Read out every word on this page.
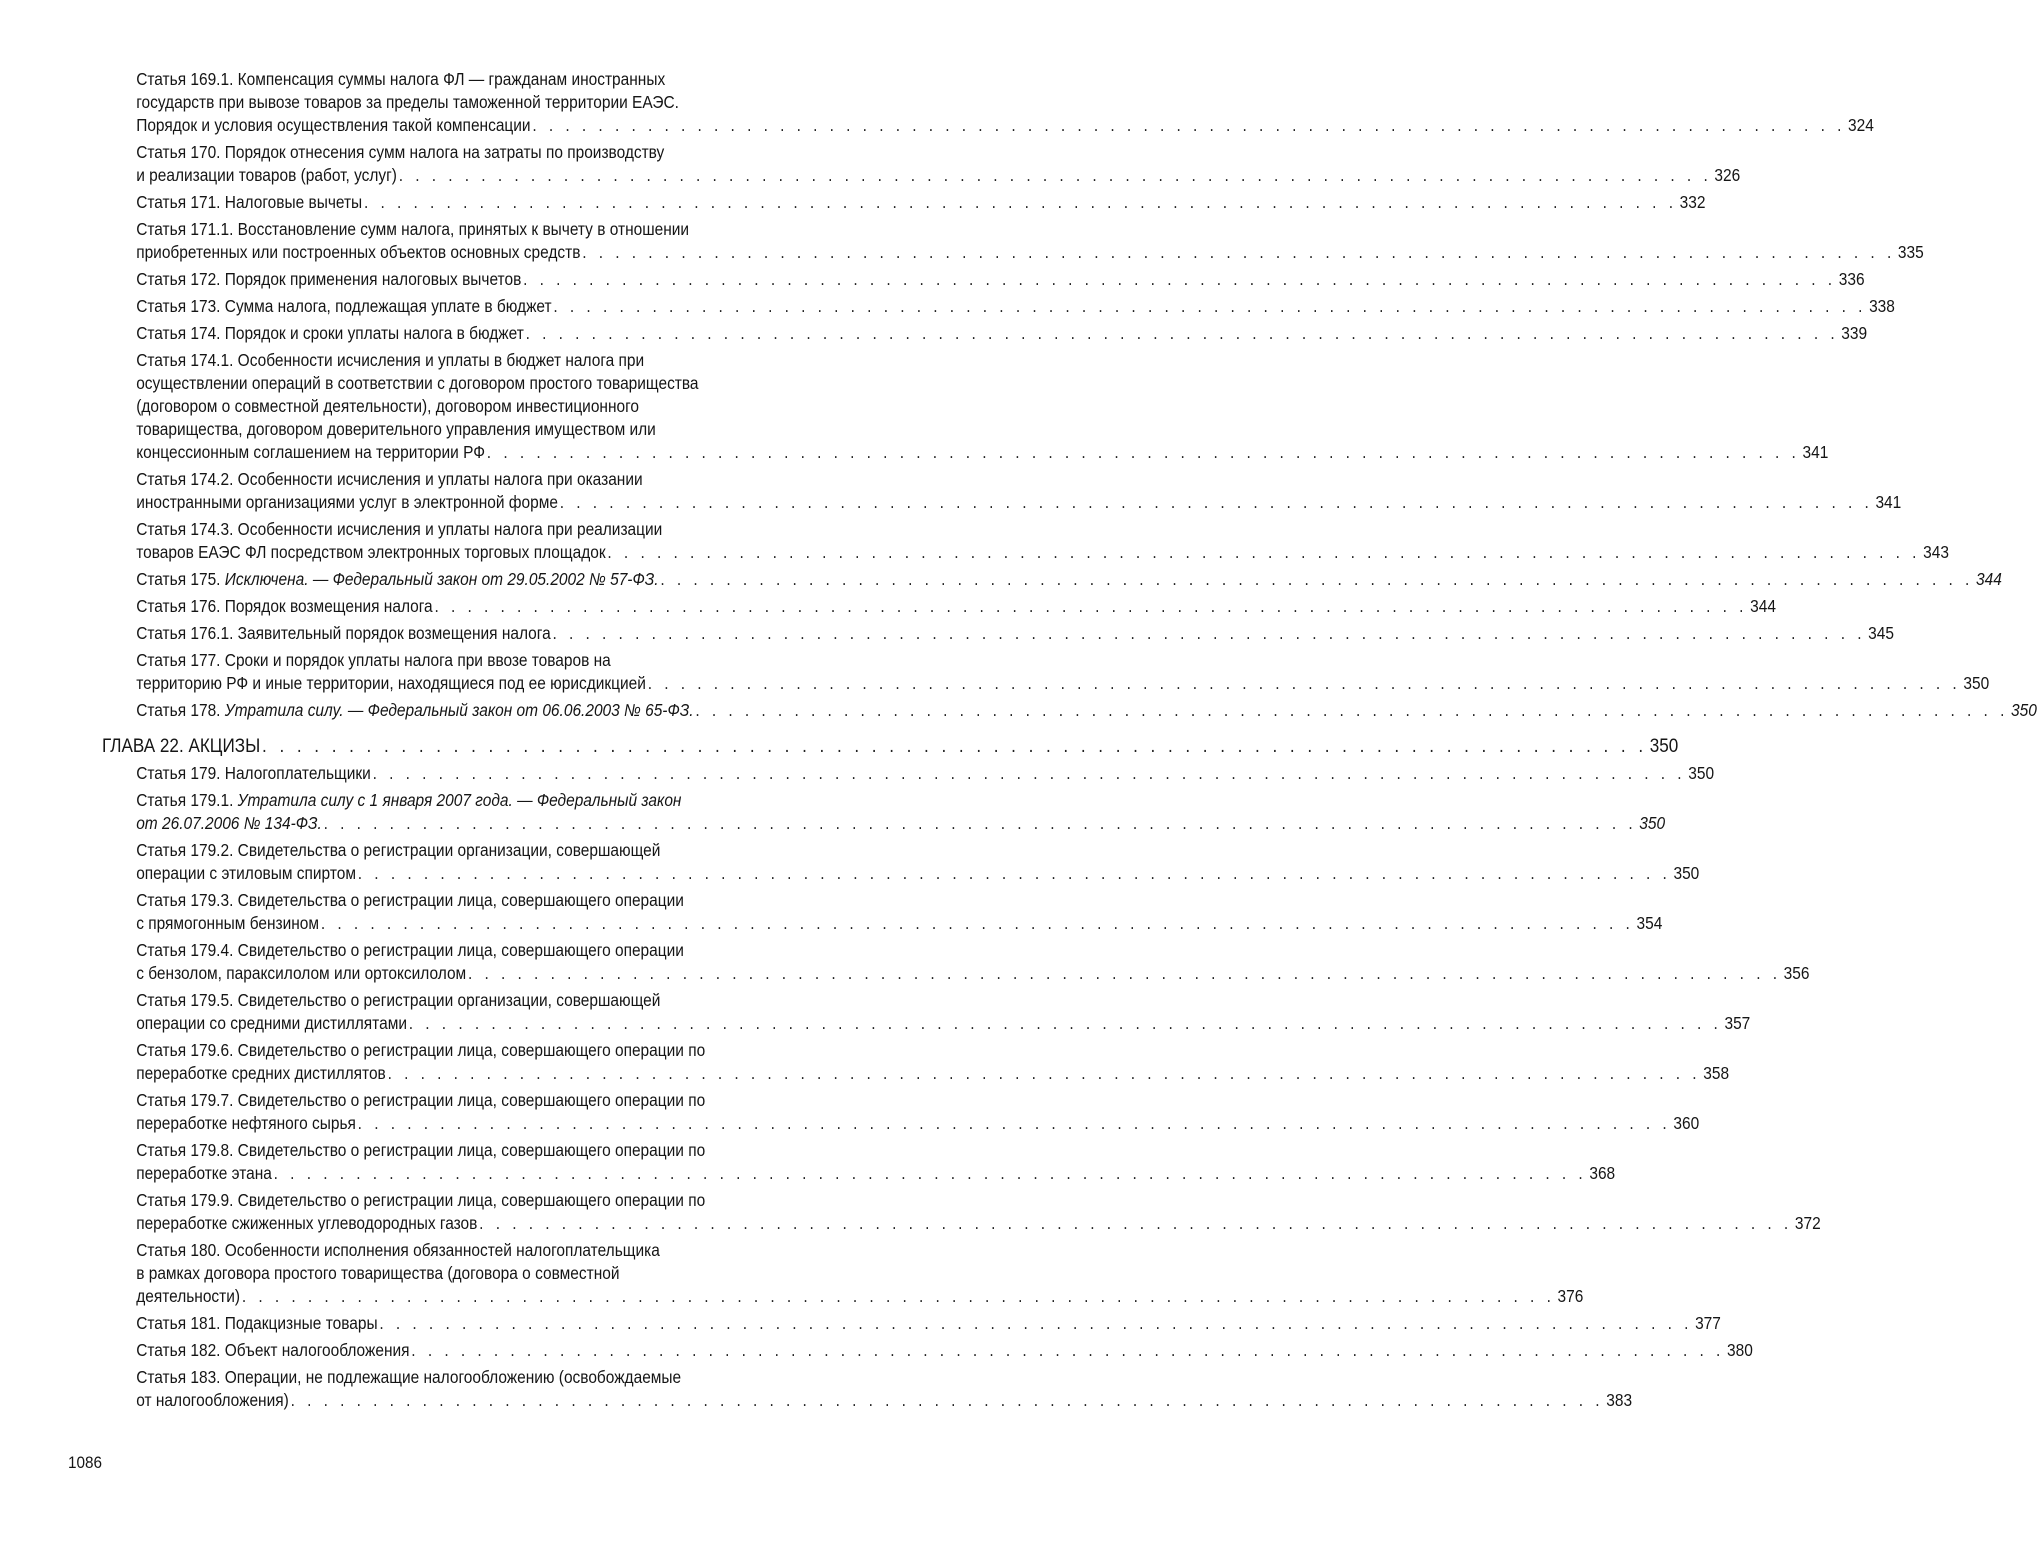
Статья 169.1. Компенсация суммы налога ФЛ — гражданам иностранных
государств при вывозе товаров за пределы таможенной территории ЕАЭС.
Порядок и условия осуществления такой компенсации . . . . . . . . . . . . . . . . . . . . . . . . . . . . . . . . . . . . . . . . . . . . . . . . . . . . . . . . . . . . . . . . . . . . . . . . . . . . . . . . 324
Статья 170. Порядок отнесения сумм налога на затраты по производству
и реализации товаров (работ, услуг) . . . . . . . . . . . . . . . . . . . . . . . . . . . . . . . . . . . . . . . . . . . . . . . . . . . . . . . . . . . . . . . . . . . . . . . . . . . . . . . . 326
Статья 171. Налоговые вычеты . . . . . . . . . . . . . . . . . . . . . . . . . . . . . . . . . . . . . . . . . . . . . . . . . . . . . . . . . . . . . . . . . . . . . . . . . . . . . . . . 332
Статья 171.1. Восстановление сумм налога, принятых к вычету в отношении
приобретенных или построенных объектов основных средств . . . . . . . . . . . . . . . . . . . . . . . . . . . . . . . . . . . . . . . . . . . . . . . . . . . . . . . . . . . . . . . . . . . . . . . . . . . . . . . . 335
Статья 172. Порядок применения налоговых вычетов . . . . . . . . . . . . . . . . . . . . . . . . . . . . . . . . . . . . . . . . . . . . . . . . . . . . . . . . . . . . . . . . . . . . . . . . . . . . . . . . 336
Статья 173. Сумма налога, подлежащая уплате в бюджет . . . . . . . . . . . . . . . . . . . . . . . . . . . . . . . . . . . . . . . . . . . . . . . . . . . . . . . . . . . . . . . . . . . . . . . . . . . . . . . . 338
Статья 174. Порядок и сроки уплаты налога в бюджет . . . . . . . . . . . . . . . . . . . . . . . . . . . . . . . . . . . . . . . . . . . . . . . . . . . . . . . . . . . . . . . . . . . . . . . . . . . . . . . . 339
Статья 174.1. Особенности исчисления и уплаты в бюджет налога при
осуществлении операций в соответствии с договором простого товарищества
(договором о совместной деятельности), договором инвестиционного
товарищества, договором доверительного управления имуществом или
концессионным соглашением на территории РФ . . . . . . . . . . . . . . . . . . . . . . . . . . . . . . . . . . . . . . . . . . . . . . . . . . . . . . . . . . . . . . . . . . . . . . . . . . . . . . . . 341
Статья 174.2. Особенности исчисления и уплаты налога при оказании
иностранными организациями услуг в электронной форме . . . . . . . . . . . . . . . . . . . . . . . . . . . . . . . . . . . . . . . . . . . . . . . . . . . . . . . . . . . . . . . . . . . . . . . . . . . . . . . . 341
Статья 174.3. Особенности исчисления и уплаты налога при реализации
товаров ЕАЭС ФЛ посредством электронных торговых площадок . . . . . . . . . . . . . . . . . . . . . . . . . . . . . . . . . . . . . . . . . . . . . . . . . . . . . . . . . . . . . . . . . . . . . . . . . . . . . . . . 343
Статья 175. Исключена. — Федеральный закон от 29.05.2002 № 57-ФЗ. . . . . . . . . . . . . . . . . . . . . . . . . . . . . . . . . . . . . . . . . . . . . . . . . . . . . . . . . . . . . . . . . . . . . . . . . . . . . . . . . 344
Статья 176. Порядок возмещения налога . . . . . . . . . . . . . . . . . . . . . . . . . . . . . . . . . . . . . . . . . . . . . . . . . . . . . . . . . . . . . . . . . . . . . . . . . . . . . . . . 344
Статья 176.1. Заявительный порядок возмещения налога . . . . . . . . . . . . . . . . . . . . . . . . . . . . . . . . . . . . . . . . . . . . . . . . . . . . . . . . . . . . . . . . . . . . . . . . . . . . . . . . 345
Статья 177. Сроки и порядок уплаты налога при ввозе товаров на
территорию РФ и иные территории, находящиеся под ее юрисдикцией . . . . . . . . . . . . . . . . . . . . . . . . . . . . . . . . . . . . . . . . . . . . . . . . . . . . . . . . . . . . . . . . . . . . . . . . . . . . . . . . 350
Статья 178. Утратила силу. — Федеральный закон от 06.06.2003 № 65-ФЗ. . . . . . . . . . . . . . . . . . . . . . . . . . . . . . . . . . . . . . . . . . . . . . . . . . . . . . . . . . . . . . . . . . . . . . . . . . . . . . . . . 350
ГЛАВА 22. АКЦИЗЫ . . . . . . . . . . . . . . . . . . . . . . . . . . . . . . . . . . . . . . . . . . . . . . . . . . . . . . . . . . . . . . . . . . . . . . . . . . . . . . . . 350
Статья 179. Налогоплательщики . . . . . . . . . . . . . . . . . . . . . . . . . . . . . . . . . . . . . . . . . . . . . . . . . . . . . . . . . . . . . . . . . . . . . . . . . . . . . . . . 350
Статья 179.1. Утратила силу с 1 января 2007 года. — Федеральный закон
от 26.07.2006 № 134-ФЗ. . . . . . . . . . . . . . . . . . . . . . . . . . . . . . . . . . . . . . . . . . . . . . . . . . . . . . . . . . . . . . . . . . . . . . . . . . . . . . . . . 350
Статья 179.2. Свидетельства о регистрации организации, совершающей
операции с этиловым спиртом . . . . . . . . . . . . . . . . . . . . . . . . . . . . . . . . . . . . . . . . . . . . . . . . . . . . . . . . . . . . . . . . . . . . . . . . . . . . . . . . 350
Статья 179.3. Свидетельства о регистрации лица, совершающего операции
с прямогонным бензином . . . . . . . . . . . . . . . . . . . . . . . . . . . . . . . . . . . . . . . . . . . . . . . . . . . . . . . . . . . . . . . . . . . . . . . . . . . . . . . . 354
Статья 179.4. Свидетельство о регистрации лица, совершающего операции
с бензолом, параксилолом или ортоксилолом . . . . . . . . . . . . . . . . . . . . . . . . . . . . . . . . . . . . . . . . . . . . . . . . . . . . . . . . . . . . . . . . . . . . . . . . . . . . . . . . 356
Статья 179.5. Свидетельство о регистрации организации, совершающей
операции со средними дистиллятами . . . . . . . . . . . . . . . . . . . . . . . . . . . . . . . . . . . . . . . . . . . . . . . . . . . . . . . . . . . . . . . . . . . . . . . . . . . . . . . . 357
Статья 179.6. Свидетельство о регистрации лица, совершающего операции по
переработке средних дистиллятов . . . . . . . . . . . . . . . . . . . . . . . . . . . . . . . . . . . . . . . . . . . . . . . . . . . . . . . . . . . . . . . . . . . . . . . . . . . . . . . . 358
Статья 179.7. Свидетельство о регистрации лица, совершающего операции по
переработке нефтяного сырья . . . . . . . . . . . . . . . . . . . . . . . . . . . . . . . . . . . . . . . . . . . . . . . . . . . . . . . . . . . . . . . . . . . . . . . . . . . . . . . . 360
Статья 179.8. Свидетельство о регистрации лица, совершающего операции по
переработке этана . . . . . . . . . . . . . . . . . . . . . . . . . . . . . . . . . . . . . . . . . . . . . . . . . . . . . . . . . . . . . . . . . . . . . . . . . . . . . . . . 368
Статья 179.9. Свидетельство о регистрации лица, совершающего операции по
переработке сжиженных углеводородных газов . . . . . . . . . . . . . . . . . . . . . . . . . . . . . . . . . . . . . . . . . . . . . . . . . . . . . . . . . . . . . . . . . . . . . . . . . . . . . . . . 372
Статья 180. Особенности исполнения обязанностей налогоплательщика
в рамках договора простого товарищества (договора о совместной
деятельности) . . . . . . . . . . . . . . . . . . . . . . . . . . . . . . . . . . . . . . . . . . . . . . . . . . . . . . . . . . . . . . . . . . . . . . . . . . . . . . . . 376
Статья 181. Подакцизные товары . . . . . . . . . . . . . . . . . . . . . . . . . . . . . . . . . . . . . . . . . . . . . . . . . . . . . . . . . . . . . . . . . . . . . . . . . . . . . . . . 377
Статья 182. Объект налогообложения . . . . . . . . . . . . . . . . . . . . . . . . . . . . . . . . . . . . . . . . . . . . . . . . . . . . . . . . . . . . . . . . . . . . . . . . . . . . . . . . 380
Статья 183. Операции, не подлежащие налогообложению (освобождаемые
от налогообложения) . . . . . . . . . . . . . . . . . . . . . . . . . . . . . . . . . . . . . . . . . . . . . . . . . . . . . . . . . . . . . . . . . . . . . . . . . . . . . . . . 383
1086
